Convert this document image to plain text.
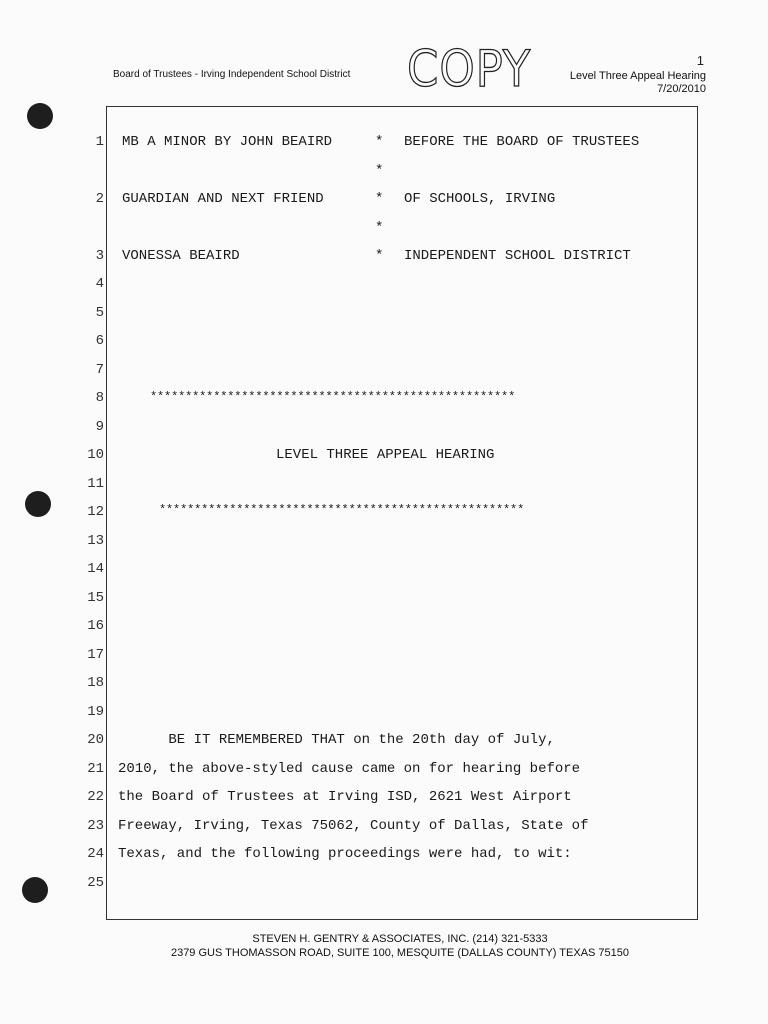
Board of Trustees - Irving Independent School District COPY	1
Level Three Appeal Hearing
7/20/2010
1
2
3
4
5
6
7
8
9
10
11
12
13
14
15
16
17
18
19
20
21
22
23
24
25
MB A MINOR BY JOHN BEAIRD
GUARDIAN AND NEXT FRIEND
VONESSA BEAIRD
*
*
*
*
*
BEFORE THE BOARD OF TRUSTEES
OF SCHOOLS, IRVING
INDEPENDENT SCHOOL DISTRICT
****************************************************
LEVEL THREE APPEAL HEARING
****************************************************
BE IT REMEMBERED THAT on the 20th day of July,
2010, the above-styled cause came on for hearing before
the Board of Trustees at Irving ISD, 2621 West Airport
Freeway, Irving, Texas 75062, County of Dallas, State of
Texas, and the following proceedings were had, to wit:
STEVEN H. GENTRY & ASSOCIATES, INC. (214) 321-5333
2379 GUS THOMASSON ROAD, SUITE 100, MESQUITE (DALLAS COUNTY) TEXAS 75150
